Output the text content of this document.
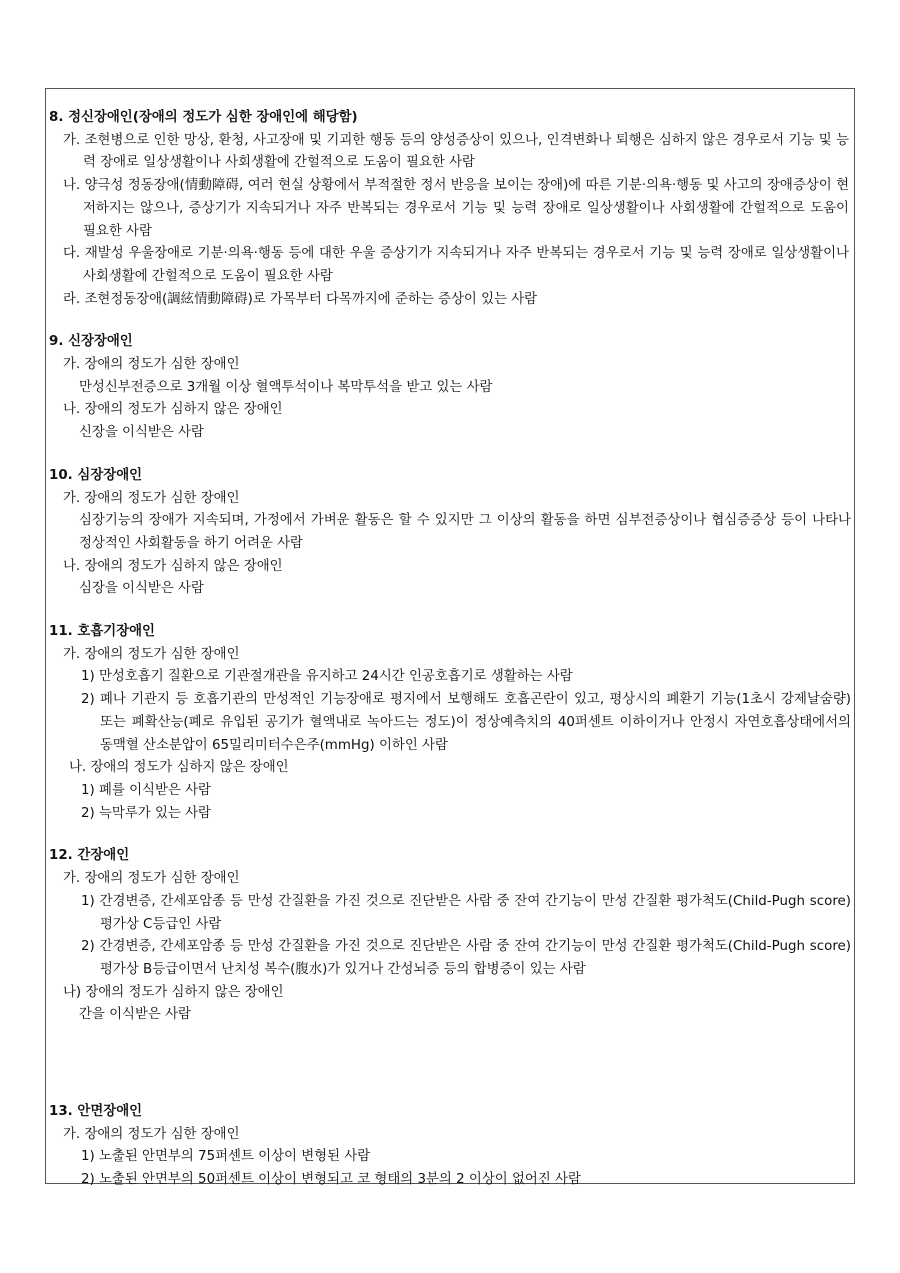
8. 정신장애인(장애의 정도가 심한 장애인에 해당함)
가. 조현병으로 인한 망상, 환청, 사고장애 및 기괴한 행동 등의 양성증상이 있으나, 인격변화나 퇴행은 심하지 않은 경우로서 기능 및 능력 장애로 일상생활이나 사회생활에 간헐적으로 도움이 필요한 사람
나. 양극성 정동장애(情動障碍, 여러 현실 상황에서 부적절한 정서 반응을 보이는 장애)에 따른 기분·의욕·행동 및 사고의 장애증상이 현저하지는 않으나, 증상기가 지속되거나 자주 반복되는 경우로서 기능 및 능력 장애로 일상생활이나 사회생활에 간헐적으로 도움이 필요한 사람
다. 재발성 우울장애로 기분·의욕·행동 등에 대한 우울 증상기가 지속되거나 자주 반복되는 경우로서 기능 및 능력 장애로 일상생활이나 사회생활에 간헐적으로 도움이 필요한 사람
라. 조현정동장애(調絃情動障碍)로 가목부터 다목까지에 준하는 증상이 있는 사람
9. 신장장애인
가. 장애의 정도가 심한 장애인
만성신부전증으로 3개월 이상 혈액투석이나 복막투석을 받고 있는 사람
나. 장애의 정도가 심하지 않은 장애인
신장을 이식받은 사람
10. 심장장애인
가. 장애의 정도가 심한 장애인
심장기능의 장애가 지속되며, 가정에서 가벼운 활동은 할 수 있지만 그 이상의 활동을 하면 심부전증상이나 협심증증상 등이 나타나 정상적인 사회활동을 하기 어려운 사람
나. 장애의 정도가 심하지 않은 장애인
심장을 이식받은 사람
11. 호흡기장애인
가. 장애의 정도가 심한 장애인
1) 만성호흡기 질환으로 기관절개관을 유지하고 24시간 인공호흡기로 생활하는 사람
2) 폐나 기관지 등 호흡기관의 만성적인 기능장애로 평지에서 보행해도 호흡곤란이 있고, 평상시의 폐환기 기능(1초시 강제날숨량) 또는 폐확산능(폐로 유입된 공기가 혈액내로 녹아드는 정도)이 정상예측치의 40퍼센트 이하이거나 안정시 자연호흡상태에서의 동맥혈 산소분압이 65밀리미터수은주(mmHg) 이하인 사람
나. 장애의 정도가 심하지 않은 장애인
1) 폐를 이식받은 사람
2) 늑막루가 있는 사람
12. 간장애인
가. 장애의 정도가 심한 장애인
1) 간경변증, 간세포암종 등 만성 간질환을 가진 것으로 진단받은 사람 중 잔여 간기능이 만성 간질환 평가척도(Child-Pugh score) 평가상 C등급인 사람
2) 간경변증, 간세포암종 등 만성 간질환을 가진 것으로 진단받은 사람 중 잔여 간기능이 만성 간질환 평가척도(Child-Pugh score) 평가상 B등급이면서 난치성 복수(腹水)가 있거나 간성뇌증 등의 합병증이 있는 사람
나) 장애의 정도가 심하지 않은 장애인
간을 이식받은 사람
13. 안면장애인
가. 장애의 정도가 심한 장애인
1) 노출된 안면부의 75퍼센트 이상이 변형된 사람
2) 노출된 안면부의 50퍼센트 이상이 변형되고 코 형태의 3분의 2 이상이 없어진 사람
